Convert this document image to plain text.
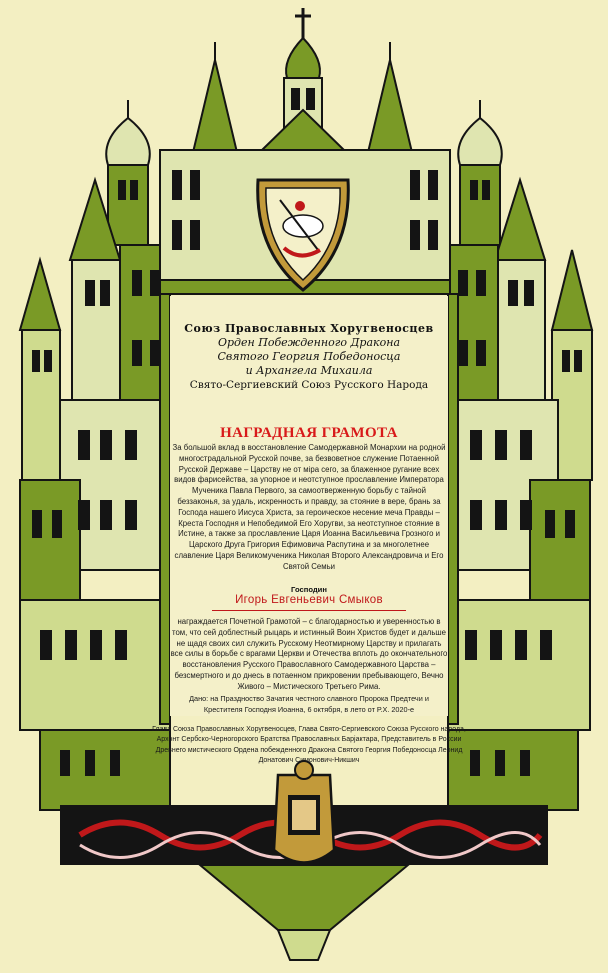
Союз Православных Хоругвеносцев
Орден Побежденного Дракона
Святого Георгия Победоносца
и Архангела Михаила
Свято-Сергиевский Союз Русского Народа
НАГРАДНАЯ ГРАМОТА
За большой вклад в восстановление Самодержавной Монархии на родной многострадальной Русской почве, за безвоветное служение Потаенной Русской Державе – Царству не от міра сего, за блаженное ругание всех видов фарисейства, за упорное и неотступное прославление Императора Мученика Павла Первого, за самоотверженную борьбу с тайной беззаконья, за удаль, искренность и правду, за стояние в вере, брань за Господа нашего Иисуса Христа, за героическое несение меча Правды – Креста Господня и Непобедимой Его Хоругви, за неотступное стояние в Истине, а также за прославление Царя Иоанна Васильевича Грозного и Царского Друга Григория Ефимовича Распутина и за многолетнее славление Царя Великомученика Николая Второго Александровича и Его Святой Семьи
Господин
Игорь Евгеньевич Смыков
награждается Почетной Грамотой – с благодарностью и уверенностью в том, что сей доблестный рыцарь и истинный Воин Христов будет и дальше не щадя своих сил служить Русскому Неотмирному Царству и прилагать все силы в борьбе с врагами Церкви и Отечества вплоть до окончательного восстановления Русского Православного Самодержавного Царства – безсмертного и до днесь в потаенном прикровении пребывающего, Вечно Живого – Мистического Третьего Рима.
Дано: на Праздноство Зачатия честного славного Пророка Предтечи и Крестителя Господня Иоанна, 6 октября, в лето от Р.Х. 2020-е
Глава Союза Православных Хоругвеносцев, Глава Свято-Сергиевского Союза Русского народа, Архонт Сербско-Черногорского Братства Православных Барјактара, Представитель в России Древнего мистического Ордена побежденного Дракона Святого Георгия Победоносца Леонид Донатович Симонович-Никшич
